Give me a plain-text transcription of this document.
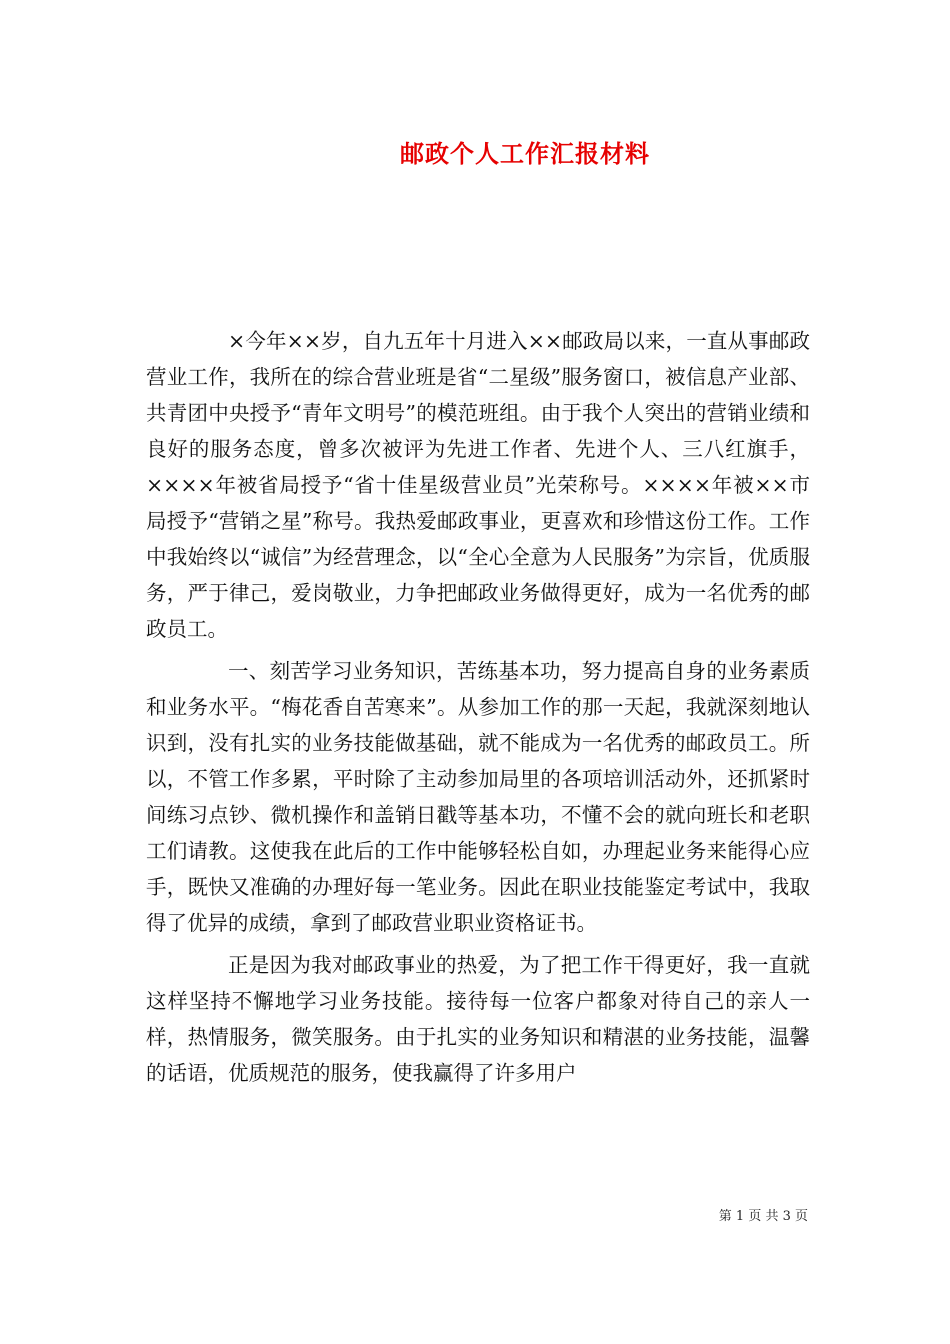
邮政个人工作汇报材料

×今年××岁，自九五年十月进入××邮政局以来，一直从事邮政营业工作，我所在的综合营业班是省“二星级”服务窗口，被信息产业部、共青团中央授予“青年文明号”的模范班组。由于我个人突出的营销业绩和良好的服务态度，曾多次被评为先进工作者、先进个人、三八红旗手，××××年被省局授予“省十佳星级营业员”光荣称号。××××年被××市局授予“营销之星”称号。我热爱邮政事业，更喜欢和珍惜这份工作。工作中我始终以“诚信”为经营理念，以“全心全意为人民服务”为宗旨，优质服务，严于律己，爱岗敬业，力争把邮政业务做得更好，成为一名优秀的邮政员工。

一、刻苦学习业务知识，苦练基本功，努力提高自身的业务素质和业务水平。“梅花香自苦寒来”。从参加工作的那一天起，我就深刻地认识到，没有扎实的业务技能做基础，就不能成为一名优秀的邮政员工。所以，不管工作多累，平时除了主动参加局里的各项培训活动外，还抓紧时间练习点钞、微机操作和盖销日戳等基本功，不懂不会的就向班长和老职工们请教。这使我在此后的工作中能够轻松自如，办理起业务来能得心应手，既快又准确的办理好每一笔业务。因此在职业技能鉴定考试中，我取得了优异的成绩，拿到了邮政营业职业资格证书。

正是因为我对邮政事业的热爱，为了把工作干得更好，我一直就这样坚持不懈地学习业务技能。接待每一位客户都象对待自己的亲人一样，热情服务，微笑服务。由于扎实的业务知识和精湛的业务技能，温馨的话语，优质规范的服务，使我赢得了许多用户

第 1 页 共 3 页
